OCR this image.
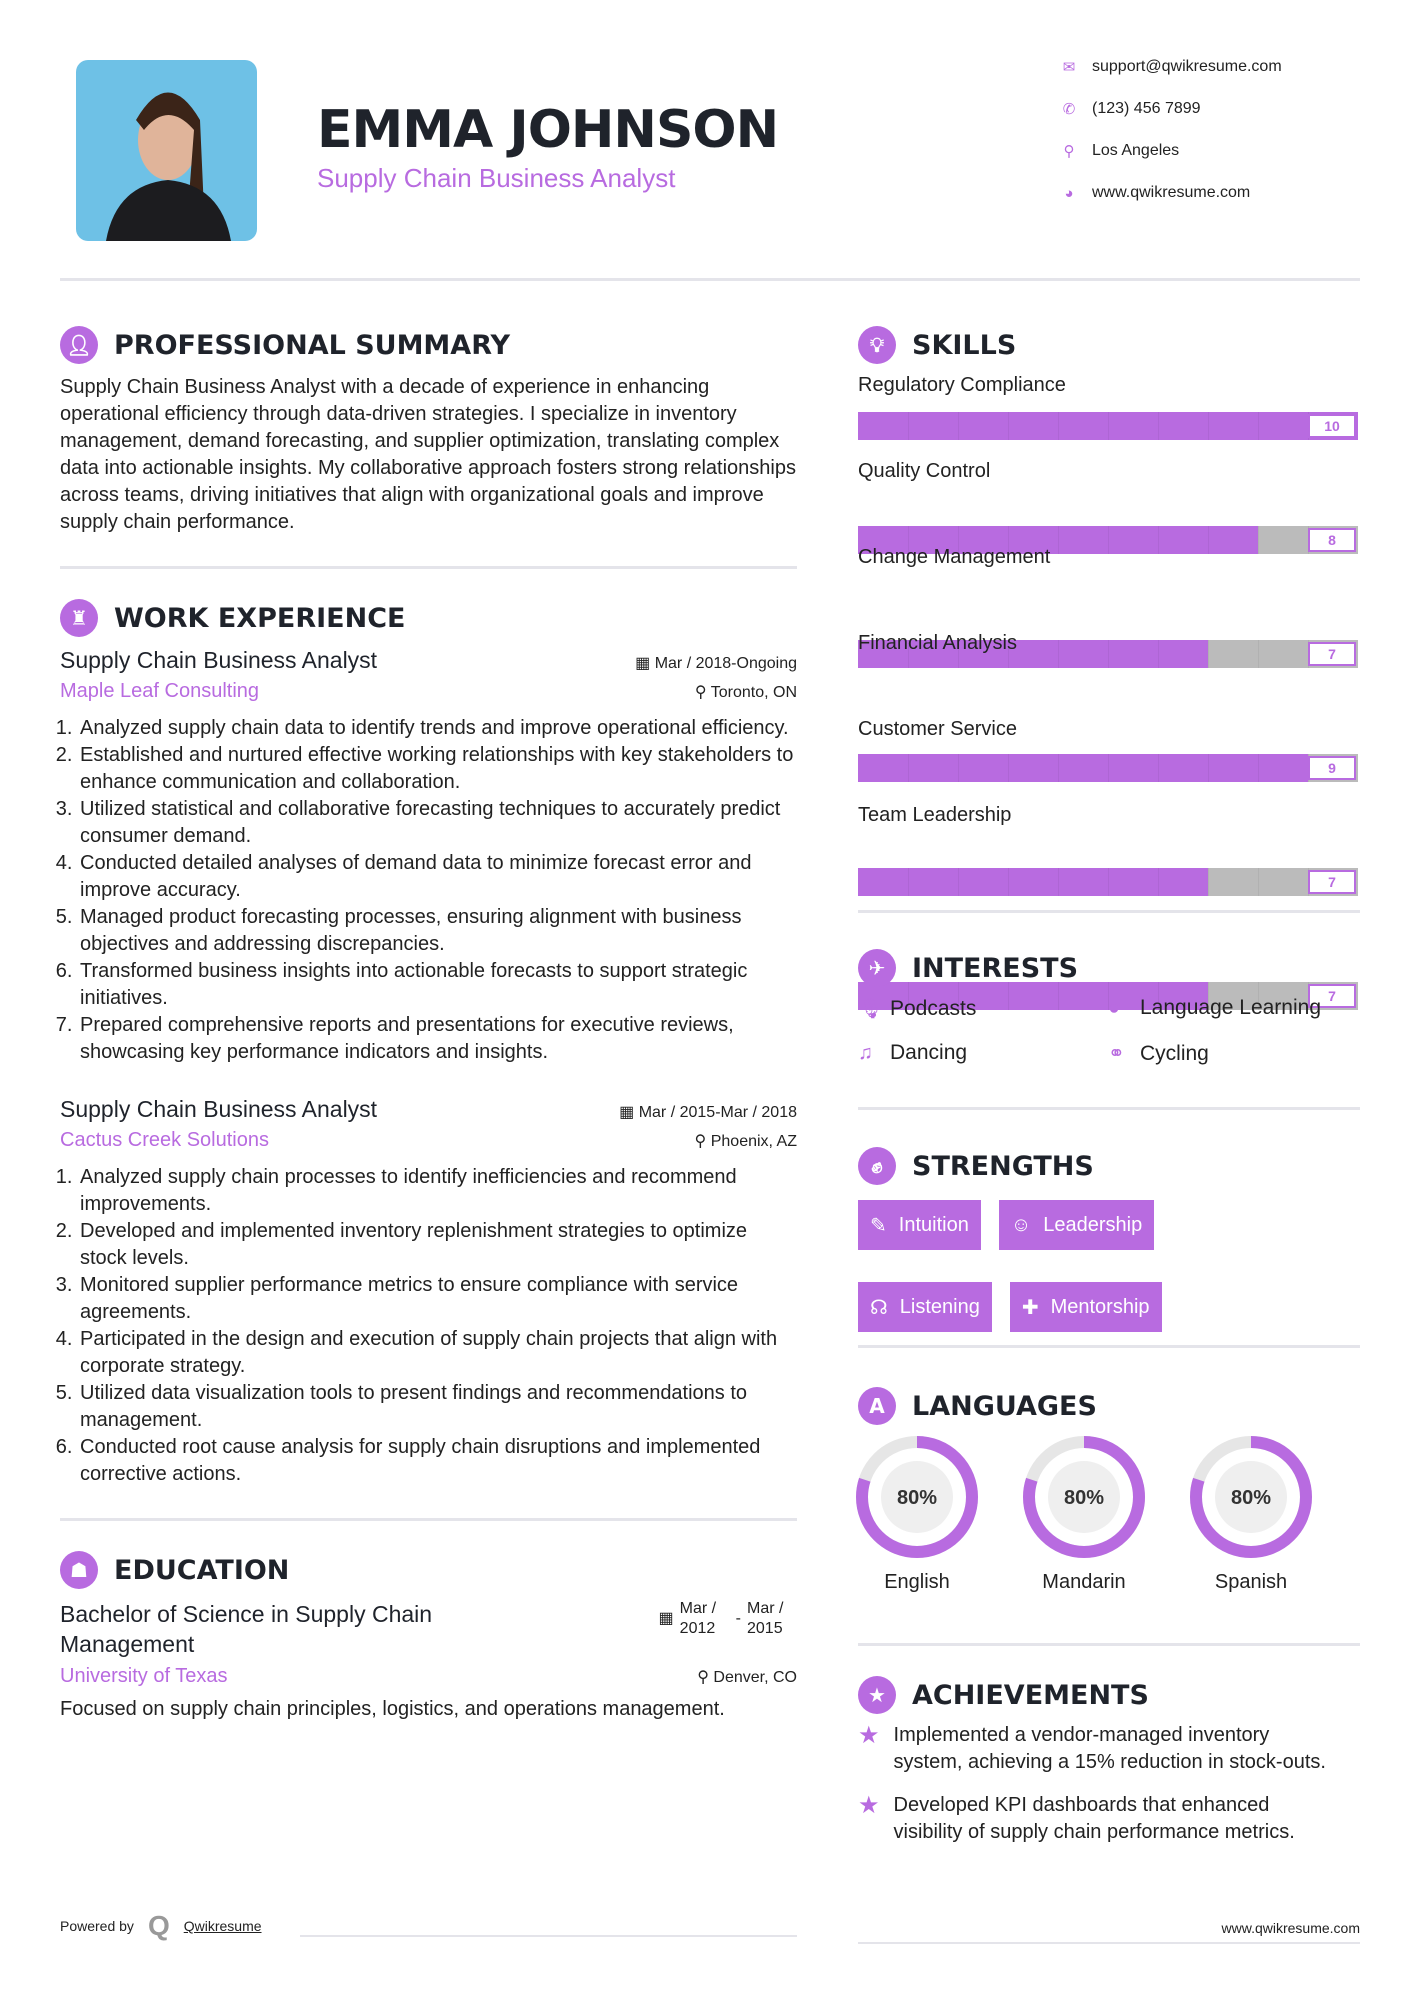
EMMA JOHNSON
Supply Chain Business Analyst
✉ support@qwikresume.com
✆ (123) 456 7899
⚲ Los Angeles
◕ www.qwikresume.com
👤︎ PROFESSIONAL SUMMARY
Supply Chain Business Analyst with a decade of experience in enhancing operational efficiency through data-driven strategies. I specialize in inventory management, demand forecasting, and supplier optimization, translating complex data into actionable insights. My collaborative approach fosters strong relationships across teams, driving initiatives that align with organizational goals and improve supply chain performance.
♜ WORK EXPERIENCE
Supply Chain Business Analyst	▦ Mar / 2018-Ongoing
Maple Leaf Consulting	⚲ Toronto, ON
1. Analyzed supply chain data to identify trends and improve operational efficiency.
2. Established and nurtured effective working relationships with key stakeholders to enhance communication and collaboration.
3. Utilized statistical and collaborative forecasting techniques to accurately predict consumer demand.
4. Conducted detailed analyses of demand data to minimize forecast error and improve accuracy.
5. Managed product forecasting processes, ensuring alignment with business objectives and addressing discrepancies.
6. Transformed business insights into actionable forecasts to support strategic initiatives.
7. Prepared comprehensive reports and presentations for executive reviews, showcasing key performance indicators and insights.
Supply Chain Business Analyst	▦ Mar / 2015-Mar / 2018
Cactus Creek Solutions	⚲ Phoenix, AZ
1. Analyzed supply chain processes to identify inefficiencies and recommend improvements.
2. Developed and implemented inventory replenishment strategies to optimize stock levels.
3. Monitored supplier performance metrics to ensure compliance with service agreements.
4. Participated in the design and execution of supply chain projects that align with corporate strategy.
5. Utilized data visualization tools to present findings and recommendations to management.
6. Conducted root cause analysis for supply chain disruptions and implemented corrective actions.
☗ EDUCATION
Bachelor of Science in Supply Chain Management
▦
Mar / 2012
-
Mar / 2015
University of Texas	⚲ Denver, CO
Focused on supply chain principles, logistics, and operations management.
Powered by Q Qwikresume
💡︎	SKILLS
Regulatory Compliance
10
Quality Control
8
Change Management
7
Financial Analysis
9
Customer Service
7
Team Leadership
7
✈ INTERESTS
🎙 Podcasts	◕ Language Learning
♫ Dancing	⚭ Cycling
✊︎	STRENGTHS
✎ Intuition ☺ Leadership
☊ Listening ✚ Mentorship
A	LANGUAGES
80%
English
80%
Mandarin
80%
Spanish
★ ACHIEVEMENTS
★ Implemented a vendor-managed inventory system, achieving a 15% reduction in stock-outs.
★ Developed KPI dashboards that enhanced visibility of supply chain performance metrics.
www.qwikresume.com
